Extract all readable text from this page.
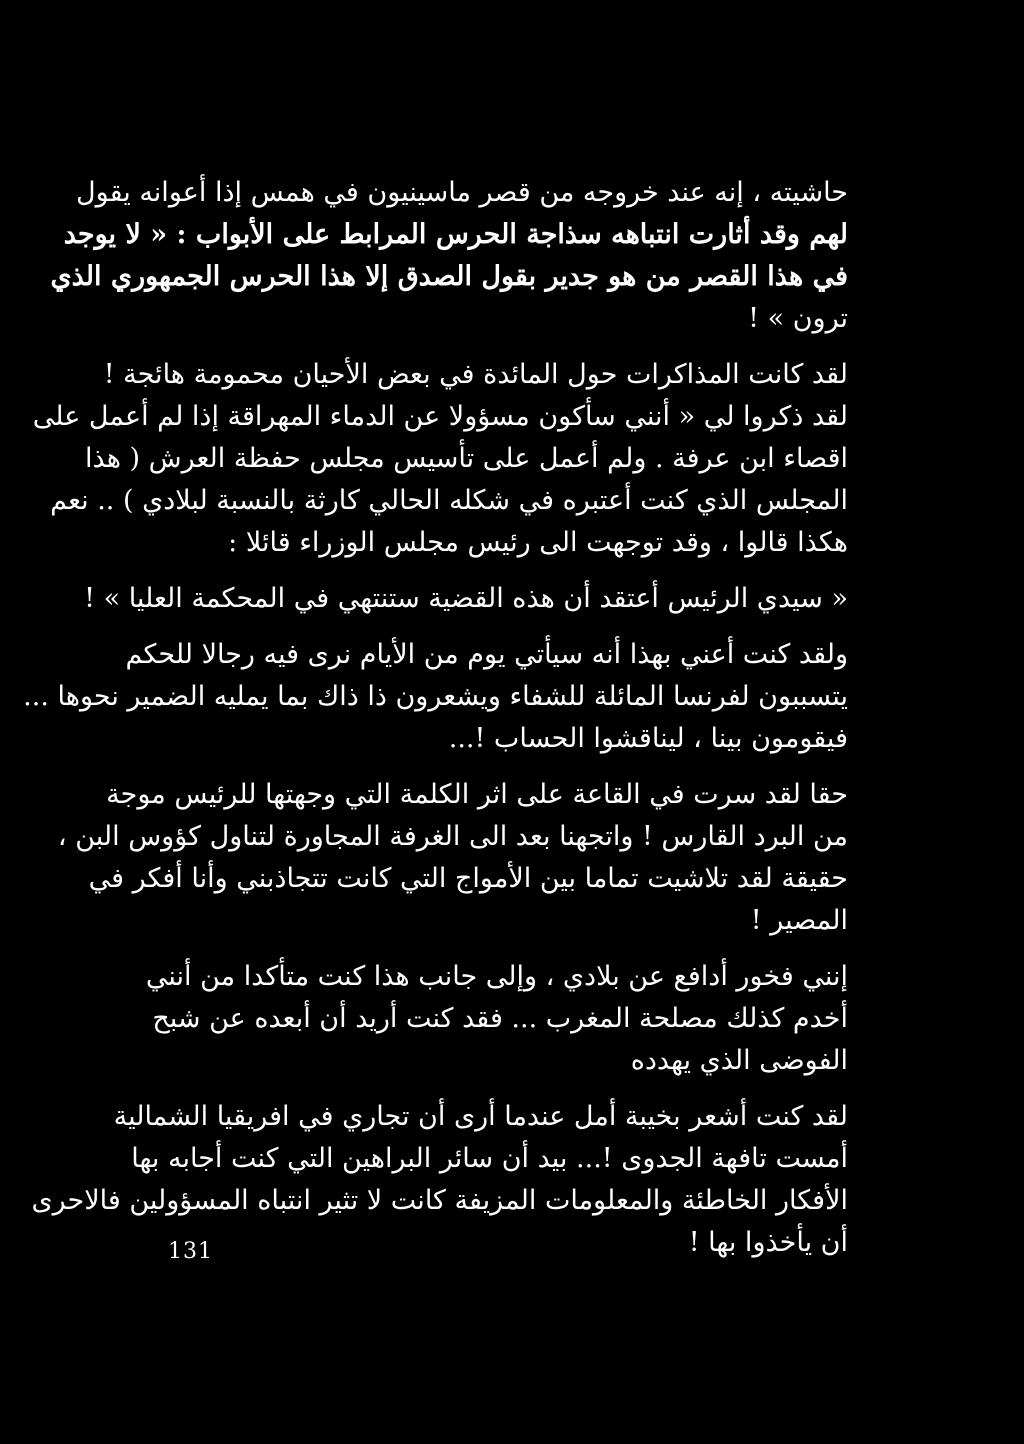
حاشيته ، إنه عند خروجه من قصر ماسينيون في همس إذا أعوانه يقول
لهم وقد أثارت انتباهه سذاجة الحرس المرابط على الأبواب : « لا يوجد
في هذا القصر من هو جدير بقول الصدق إلا هذا الحرس الجمهوري الذي
ترون » !
لقد كانت المذاكرات حول المائدة في بعض الأحيان محمومة هائجة !
لقد ذكروا لي « أنني سأكون مسؤولا عن الدماء المهراقة إذا لم أعمل على
اقصاء ابن عرفة . ولم أعمل على تأسيس مجلس حفظة العرش ( هذا
المجلس الذي كنت أعتبره في شكله الحالي كارثة بالنسبة لبلادي ) .. نعم
هكذا قالوا ، وقد توجهت الى رئيس مجلس الوزراء قائلا :
« سيدي الرئيس أعتقد أن هذه القضية ستنتهي في المحكمة العليا » !
ولقد كنت أعني بهذا أنه سيأتي يوم من الأيام نرى فيه رجالا للحكم
يتسببون لفرنسا المائلة للشفاء ويشعرون ذا ذاك بما يمليه الضمير نحوها ...
فيقومون بينا ، ليناقشوا الحساب !...
حقا لقد سرت في القاعة على اثر الكلمة التي وجهتها للرئيس موجة
من البرد القارس ! واتجهنا بعد الى الغرفة المجاورة لتناول كؤوس البن ،
حقيقة لقد تلاشيت تماما بين الأمواج التي كانت تتجاذبني وأنا أفكر في
المصير !
إنني فخور أدافع عن بلادي ، وإلى جانب هذا كنت متأكدا من أنني
أخدم كذلك مصلحة المغرب ... فقد كنت أريد أن أبعده عن شبح
الفوضى الذي يهدده
لقد كنت أشعر بخيبة أمل عندما أرى أن تجاري في افريقيا الشمالية
أمست تافهة الجدوى !... بيد أن سائر البراهين التي كنت أجابه بها
الأفكار الخاطئة والمعلومات المزيفة كانت لا تثير انتباه المسؤولين فالاحرى
أن يأخذوا بها !
131
